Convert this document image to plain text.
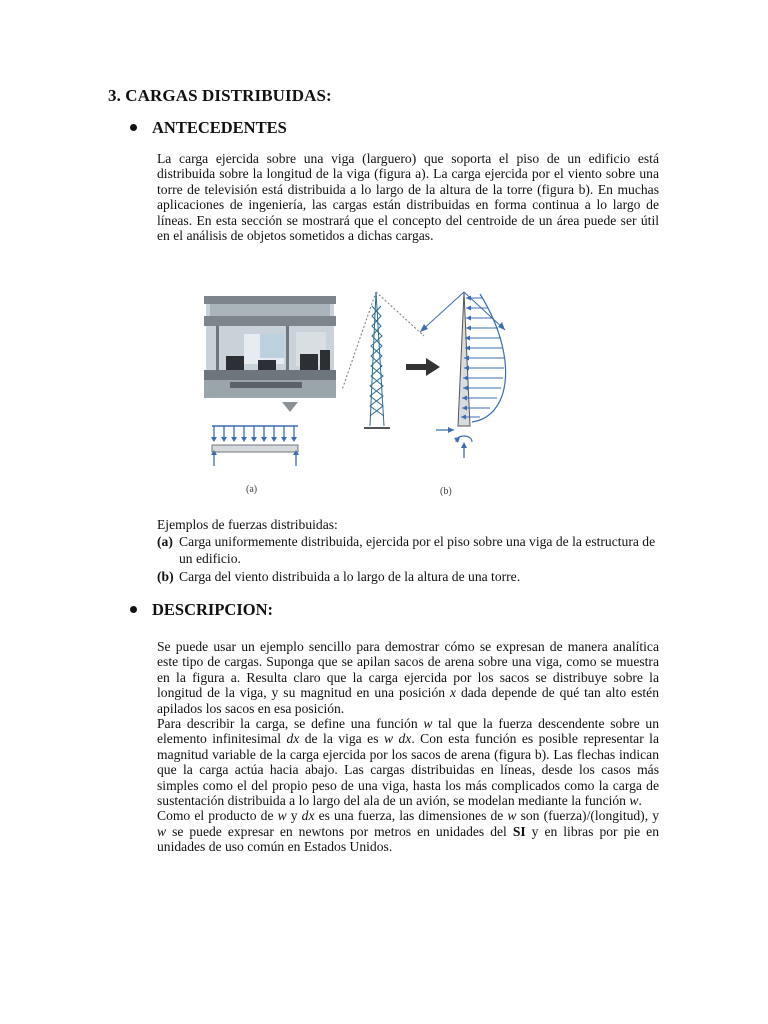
3. CARGAS DISTRIBUIDAS:
ANTECEDENTES

La carga ejercida sobre una viga (larguero) que soporta el piso de un edificio está distribuida sobre la longitud de la viga (figura a). La carga ejercida por el viento sobre una torre de televisión está distribuida a lo largo de la altura de la torre (figura b). En muchas aplicaciones de ingeniería, las cargas están distribuidas en forma continua a lo largo de líneas. En esta sección se mostrará que el concepto del centroide de un área puede ser útil en el análisis de objetos sometidos a dichas cargas.

(a)	(b)
Ejemplos de fuerzas distribuidas:
(a) Carga uniformemente distribuida, ejercida por el piso sobre una viga de la estructura de un edificio.
(b) Carga del viento distribuida a lo largo de la altura de una torre.
DESCRIPCION:

Se puede usar un ejemplo sencillo para demostrar cómo se expresan de manera analítica este tipo de cargas. Suponga que se apilan sacos de arena sobre una viga, como se muestra en la figura a. Resulta claro que la carga ejercida por los sacos se distribuye sobre la longitud de la viga, y su magnitud en una posición x dada depende de qué tan alto estén apilados los sacos en esa posición.

Para describir la carga, se define una función w tal que la fuerza descendente sobre un elemento infinitesimal dx de la viga es w dx. Con esta función es posible representar la magnitud variable de la carga ejercida por los sacos de arena (figura b). Las flechas indican que la carga actúa hacia abajo. Las cargas distribuidas en líneas, desde los casos más simples como el del propio peso de una viga, hasta los más complicados como la carga de sustentación distribuida a lo largo del ala de un avión, se modelan mediante la función w.

Como el producto de w y dx es una fuerza, las dimensiones de w son (fuerza)/(longitud), y w se puede expresar en newtons por metros en unidades del SI y en libras por pie en unidades de uso común en Estados Unidos.
